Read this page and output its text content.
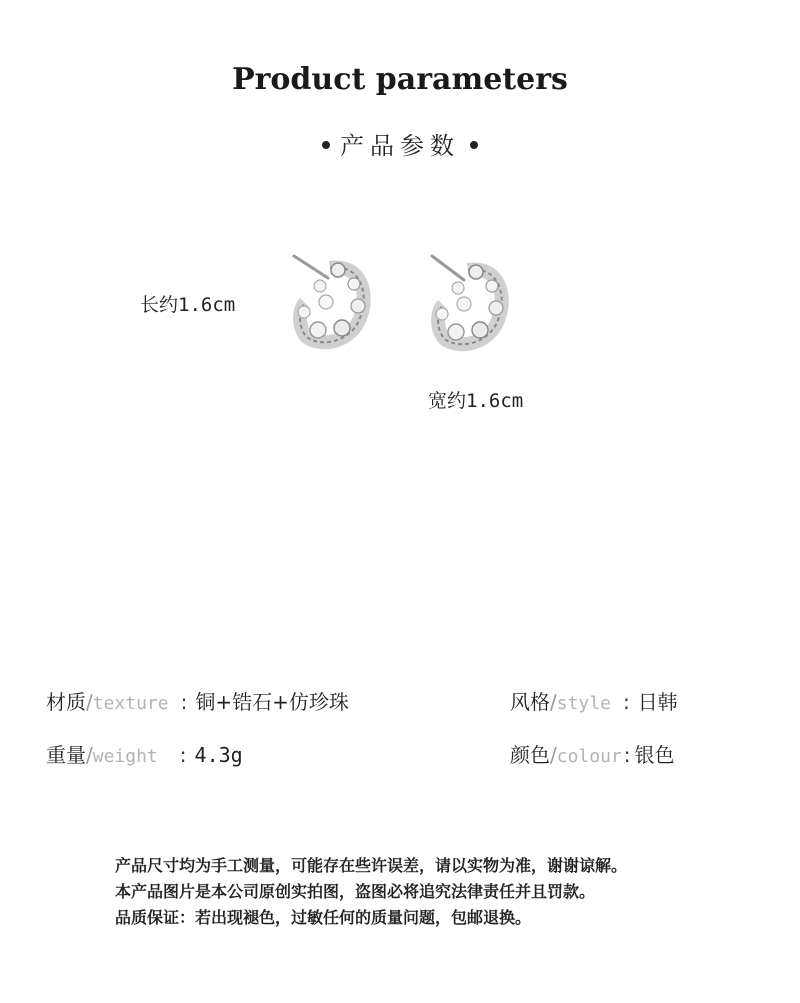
Product parameters
产品参数
长约1.6cm
宽约1.6cm
材质/texture : 铜+锆石+仿珍珠	风格/style : 日韩
重量/weight : 4.3g	颜色/colour : 银色
产品尺寸均为手工测量，可能存在些许误差，请以实物为准，谢谢谅解。
本产品图片是本公司原创实拍图，盗图必将追究法律责任并且罚款。
品质保证：若出现褪色，过敏任何的质量问题，包邮退换。
